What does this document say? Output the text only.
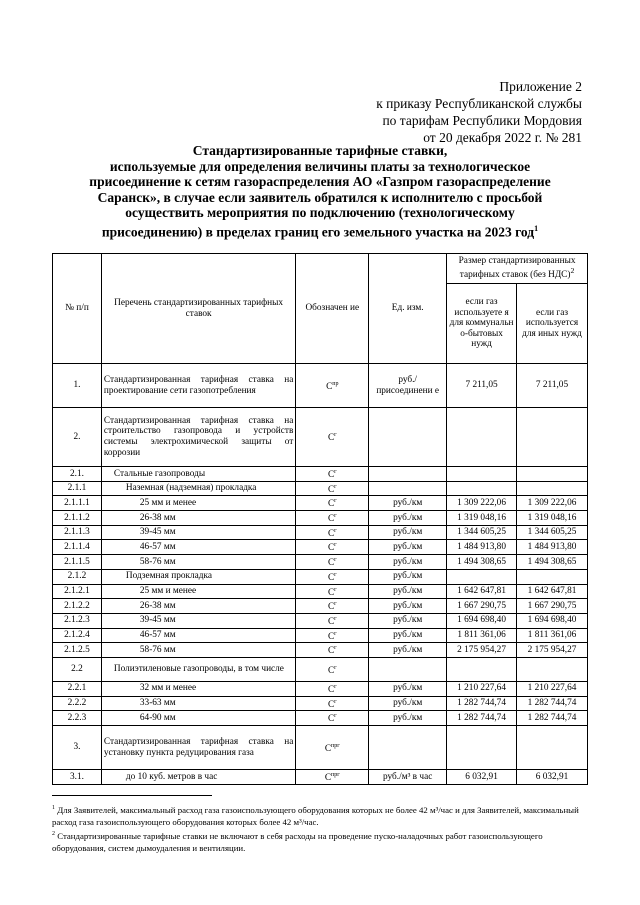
Приложение 2
к приказу Республиканской службы
по тарифам Республики Мордовия
от 20 декабря 2022 г. № 281
Стандартизированные тарифные ставки,
используемые для определения величины платы за технологическое
присоединение к сетям газораспределения АО «Газпром газораспределение
Саранск», в случае если заявитель обратился к исполнителю с просьбой
осуществить мероприятия по подключению (технологическому
присоединению) в пределах границ его земельного участка на 2023 год$^1$
№ п/п	Перечень стандартизированных тарифных ставок	Обозначен ие	Ед. изм.	Размер стандартизированных тарифных ставок (без НДС)$^2$
				если газ используете я для коммунальн о-бытовых нужд	если газ используется для иных нужд
1.	Стандартизированная тарифная ставка на проектирование сети газопотребления	$С^{пр}$	руб./ присоединени е	7 211,05	7 211,05
2.	Стандартизированная тарифная ставка на строительство газопровода и устройств системы электрохимической защиты от коррозии	$С^г$			
2.1.	Стальные газопроводы	$С^г$			
2.1.1	Наземная (надземная) прокладка	$С^г$			
2.1.1.1	25 мм и менее	$С^г$	руб./км	1 309 222,06	1 309 222,06
2.1.1.2	26-38 мм	$С^г$	руб./км	1 319 048,16	1 319 048,16
2.1.1.3	39-45 мм	$С^г$	руб./км	1 344 605,25	1 344 605,25
2.1.1.4	46-57 мм	$С^г$	руб./км	1 484 913,80	1 484 913,80
2.1.1.5	58-76 мм	$С^г$	руб./км	1 494 308,65	1 494 308,65
2.1.2	Подземная прокладка	$С^г$	руб./км		
2.1.2.1	25 мм и менее	$С^г$	руб./км	1 642 647,81	1 642 647,81
2.1.2.2	26-38 мм	$С^г$	руб./км	1 667 290,75	1 667 290,75
2.1.2.3	39-45 мм	$С^г$	руб./км	1 694 698,40	1 694 698,40
2.1.2.4	46-57 мм	$С^г$	руб./км	1 811 361,06	1 811 361,06
2.1.2.5	58-76 мм	$С^г$	руб./км	2 175 954,27	2 175 954,27
2.2	Полиэтиленовые газопроводы, в том числе	$С^г$			
2.2.1	32 мм и менее	$С^г$	руб./км	1 210 227,64	1 210 227,64
2.2.2	33-63 мм	$С^г$	руб./км	1 282 744,74	1 282 744,74
2.2.3	64-90 мм	$С^г$	руб./км	1 282 744,74	1 282 744,74
3.	Стандартизированная тарифная ставка на установку пункта редуцирования газа	$С^{прг}$			
3.1.	до 10 куб. метров в час	$С^{прг}$	руб./м³ в час	6 032,91	6 032,91
$^1$ Для Заявителей, максимальный расход газа газоиспользующего оборудования которых не более 42 м³/час и для Заявителей, максимальный расход газа газоиспользующего оборудования которых более 42 м³/час.
$^2$ Стандартизированные тарифные ставки не включают в себя расходы на проведение пуско-наладочных работ газоиспользующего оборудования, систем дымоудаления и вентиляции.
